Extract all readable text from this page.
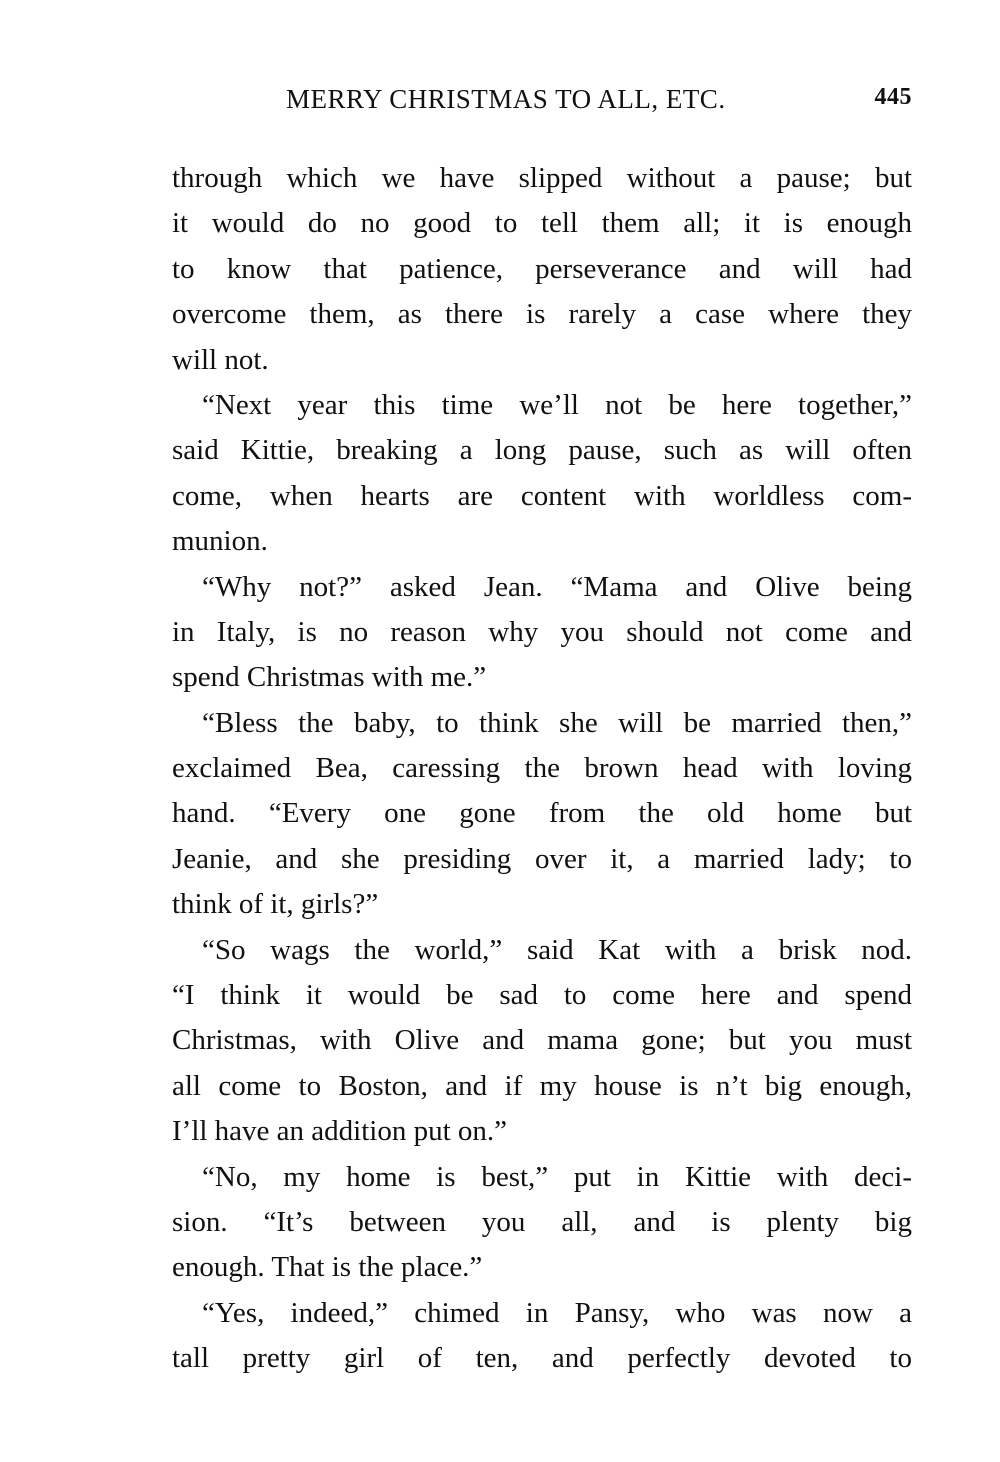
MERRY CHRISTMAS TO ALL, ETC.	445
through which we have slipped without a pause; but
it would do no good to tell them all; it is enough
to know that patience, perseverance and will had
overcome them, as there is rarely a case where they
will not.
“Next year this time we’ll not be here together,”
said Kittie, breaking a long pause, such as will often
come, when hearts are content with worldless com-
munion.
“Why not?” asked Jean. “Mama and Olive being
in Italy, is no reason why you should not come and
spend Christmas with me.”
“Bless the baby, to think she will be married then,”
exclaimed Bea, caressing the brown head with loving
hand. “Every one gone from the old home but
Jeanie, and she presiding over it, a married lady; to
think of it, girls?”
“So wags the world,” said Kat with a brisk nod.
“I think it would be sad to come here and spend
Christmas, with Olive and mama gone; but you must
all come to Boston, and if my house is n’t big enough,
I’ll have an addition put on.”
“No, my home is best,” put in Kittie with deci-
sion. “It’s between you all, and is plenty big
enough. That is the place.”
“Yes, indeed,” chimed in Pansy, who was now a
tall pretty girl of ten, and perfectly devoted to
